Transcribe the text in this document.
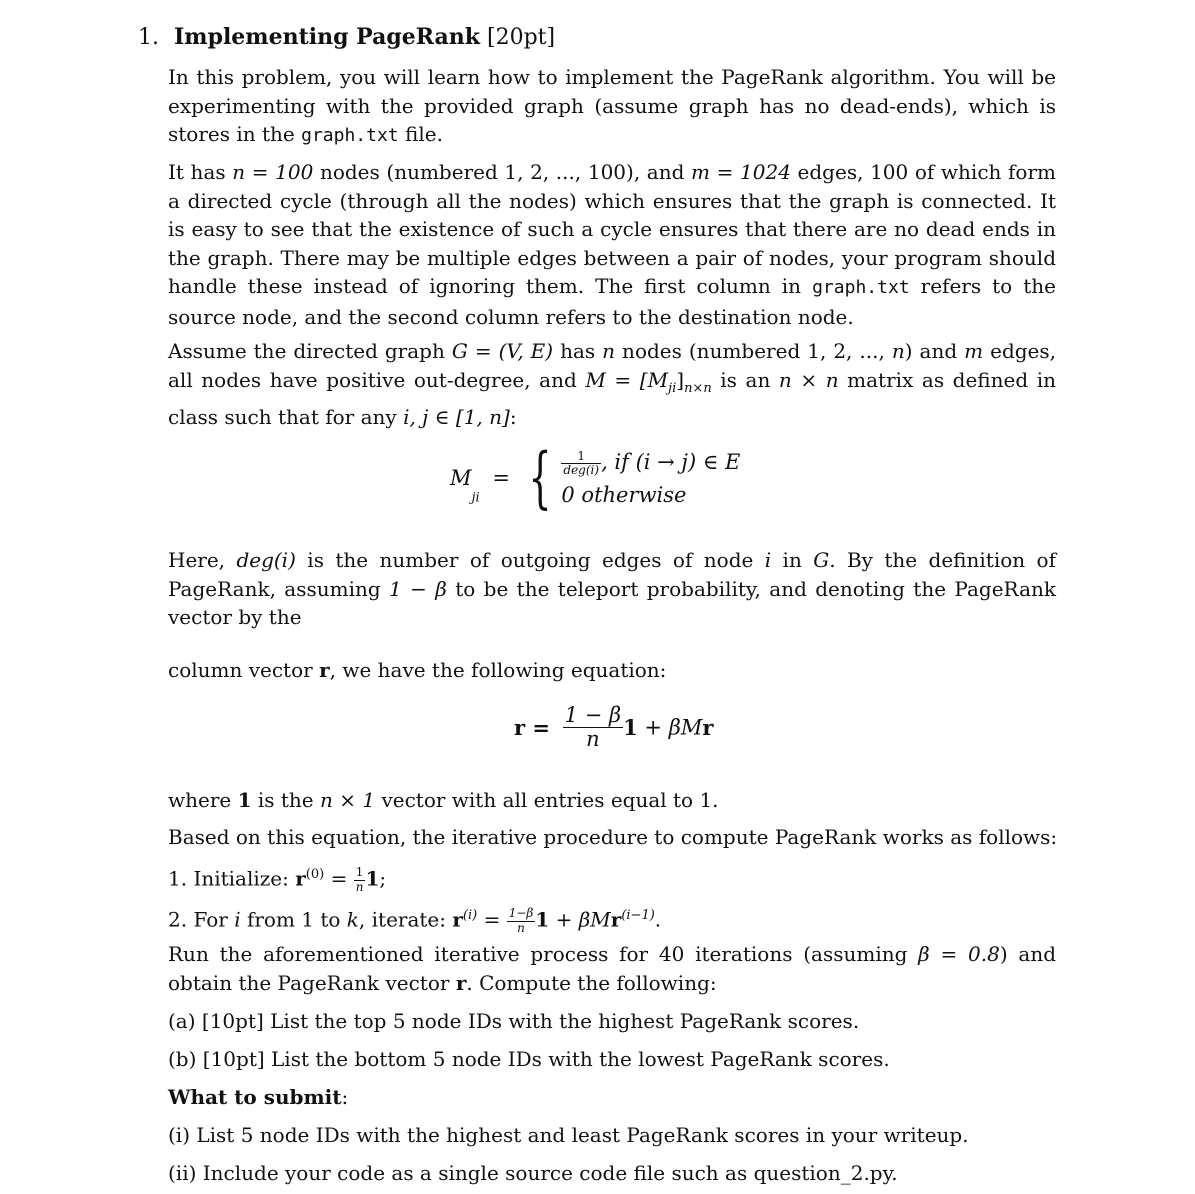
1. Implementing PageRank [20pt]

In this problem, you will learn how to implement the PageRank algorithm. You will be experimenting with the provided graph (assume graph has no dead-ends), which is stores in the graph.txt file.

It has n = 100 nodes (numbered 1, 2, ..., 100), and m = 1024 edges, 100 of which form a directed cycle (through all the nodes) which ensures that the graph is connected. It is easy to see that the existence of such a cycle ensures that there are no dead ends in the graph. There may be multiple edges between a pair of nodes, your program should handle these instead of ignoring them. The first column in graph.txt refers to the source node, and the second column refers to the destination node.

Assume the directed graph G = (V, E) has n nodes (numbered 1, 2, ..., n) and m edges, all nodes have positive out-degree, and $M = [M_{ji}]_{n\times n}$ is an n × n matrix as defined in class such that for any i, j ∈ [1, n]:

$M_{ji}$ = { $\frac{1}{\text{deg(i)}}$ , if (i → j) ∈ E
0 otherwise

Here, deg(i) is the number of outgoing edges of node i in G. By the definition of PageRank, assuming 1 − β to be the teleport probability, and denoting the PageRank vector by the

column vector r, we have the following equation:

$r = \frac{1 - \beta}{n} 1 + \beta Mr$

where 1 is the n × 1 vector with all entries equal to 1.

Based on this equation, the iterative procedure to compute PageRank works as follows:

1. Initialize: $r^{(0)} = \frac{1}{n} 1$;

2. For i from 1 to k, iterate: $r^{(i)} = \frac{1-\beta}{n} 1 + \beta Mr^{(i-1)}$.

Run the aforementioned iterative process for 40 iterations (assuming β = 0.8) and obtain the PageRank vector r. Compute the following:

(a) [10pt] List the top 5 node IDs with the highest PageRank scores.

(b) [10pt] List the bottom 5 node IDs with the lowest PageRank scores.

What to submit:

(i) List 5 node IDs with the highest and least PageRank scores in your writeup.

(ii) Include your code as a single source code file such as question_2.py.
